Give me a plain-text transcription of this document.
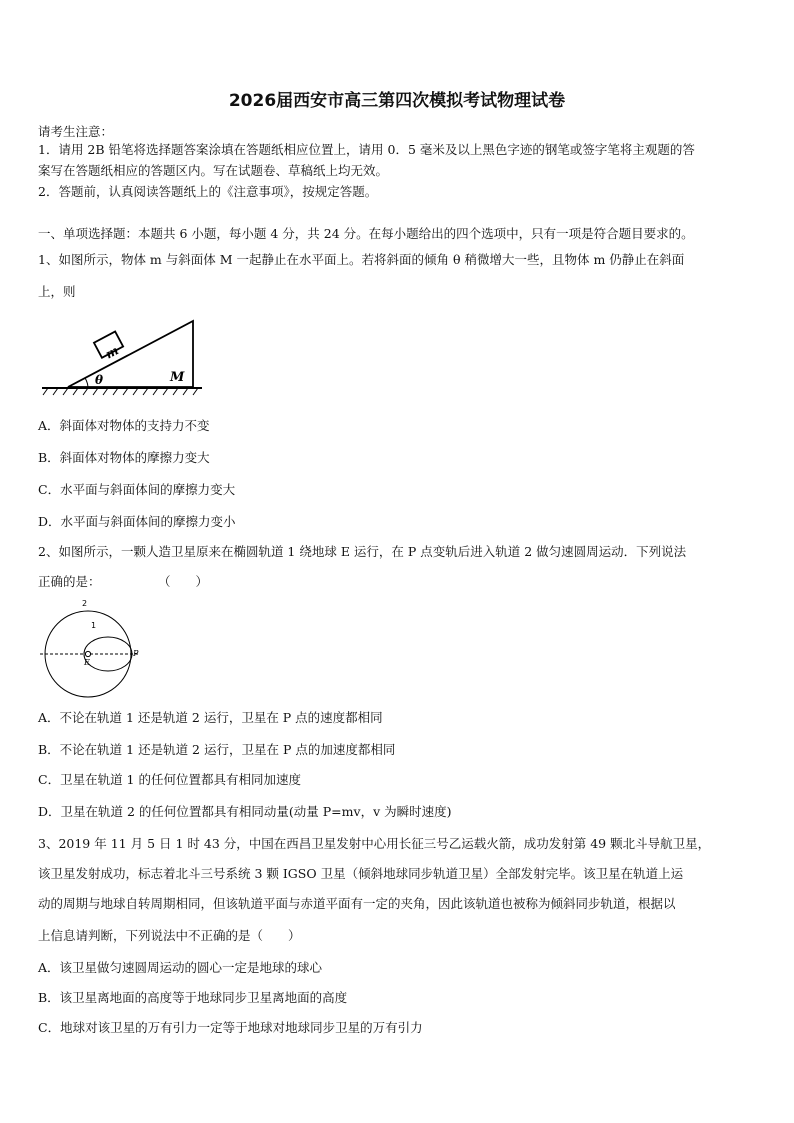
2026届西安市高三第四次模拟考试物理试卷
请考生注意：
1．请用 2B 铅笔将选择题答案涂填在答题纸相应位置上，请用 0．5 毫米及以上黑色字迹的钢笔或签字笔将主观题的答
案写在答题纸相应的答题区内。写在试题卷、草稿纸上均无效。
2．答题前，认真阅读答题纸上的《注意事项》，按规定答题。
一、单项选择题：本题共 6 小题，每小题 4 分，共 24 分。在每小题给出的四个选项中，只有一项是符合题目要求的。
1、如图所示，物体 m 与斜面体 M 一起静止在水平面上。若将斜面的倾角 θ 稍微增大一些，且物体 m 仍静止在斜面
上，则
m
θ	M
A．斜面体对物体的支持力不变
B．斜面体对物体的摩擦力变大
C．水平面与斜面体间的摩擦力变大
D．水平面与斜面体间的摩擦力变小
2、如图所示，一颗人造卫星原来在椭圆轨道 1 绕地球 E 运行，在 P 点变轨后进入轨道 2 做匀速圆周运动．下列说法
正确的是：	（　　）
2
1
E
P
A．不论在轨道 1 还是轨道 2 运行，卫星在 P 点的速度都相同
B．不论在轨道 1 还是轨道 2 运行，卫星在 P 点的加速度都相同
C．卫星在轨道 1 的任何位置都具有相同加速度
D．卫星在轨道 2 的任何位置都具有相同动量(动量 P=mv，v 为瞬时速度)
3、2019 年 11 月 5 日 1 时 43 分，中国在西昌卫星发射中心用长征三号乙运载火箭，成功发射第 49 颗北斗导航卫星，
该卫星发射成功，标志着北斗三号系统 3 颗 IGSO 卫星（倾斜地球同步轨道卫星）全部发射完毕。该卫星在轨道上运
动的周期与地球自转周期相同，但该轨道平面与赤道平面有一定的夹角，因此该轨道也被称为倾斜同步轨道，根据以
上信息请判断，下列说法中不正确的是（　　）
A．该卫星做匀速圆周运动的圆心一定是地球的球心
B．该卫星离地面的高度等于地球同步卫星离地面的高度
C．地球对该卫星的万有引力一定等于地球对地球同步卫星的万有引力
